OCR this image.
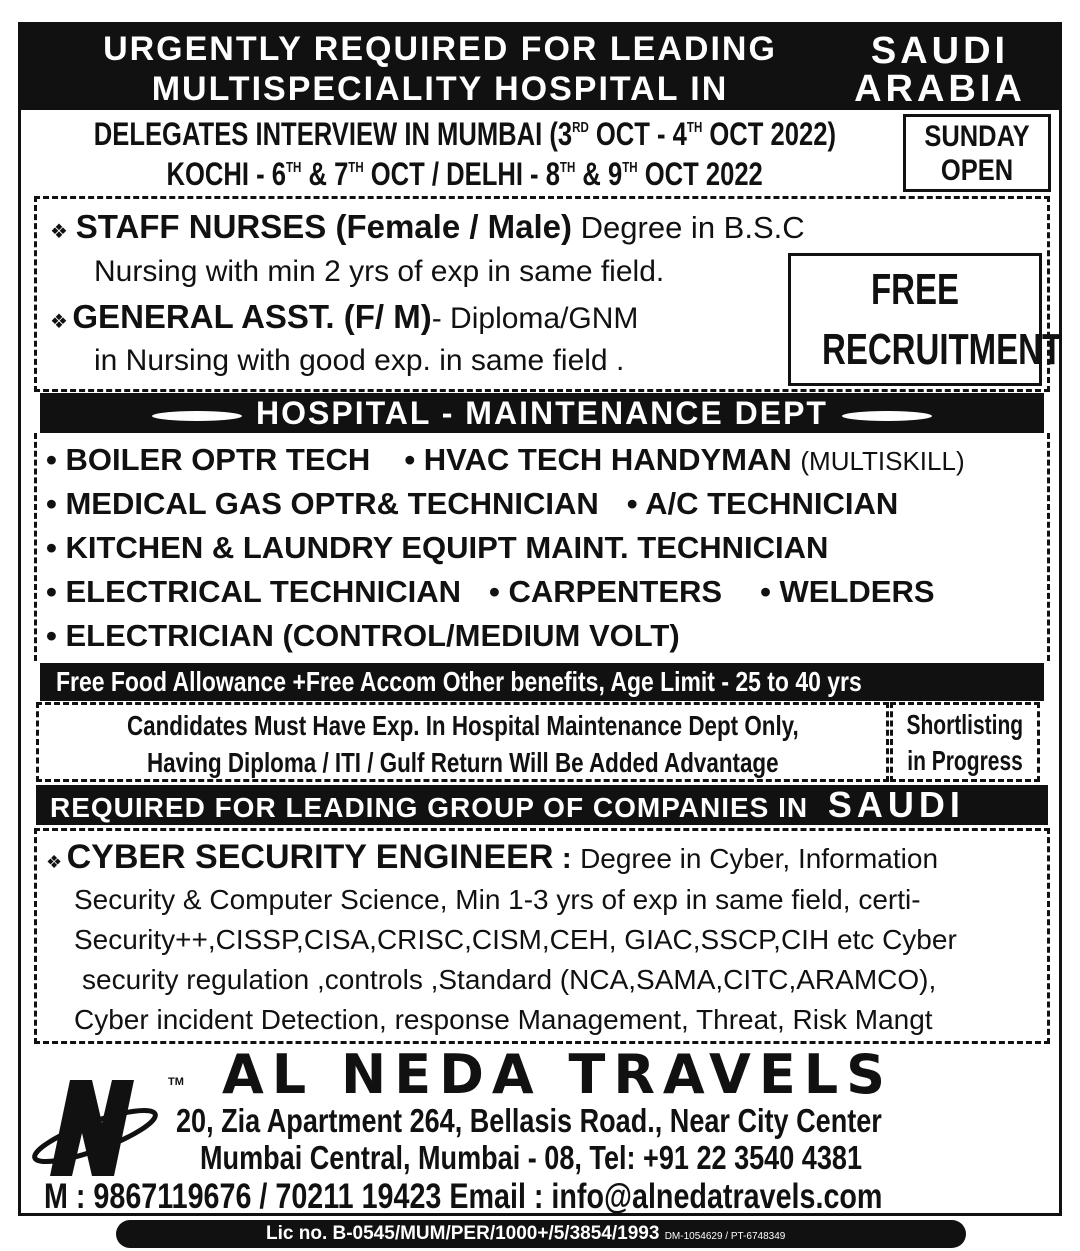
URGENTLY REQUIRED FOR LEADING
MULTISPECIALITY HOSPITAL IN
SAUDI
ARABIA
DELEGATES INTERVIEW IN MUMBAI (3RD OCT - 4TH OCT 2022)
KOCHI - 6TH & 7TH OCT / DELHI - 8TH & 9TH OCT 2022
SUNDAY
OPEN
❖ STAFF NURSES (Female / Male) Degree in B.S.C
Nursing with min 2 yrs of exp in same field.
❖ GENERAL ASST. (F/ M)- Diploma/GNM
in Nursing with good exp. in same field .
FREE
RECRUITMENT
HOSPITAL - MAINTENANCE DEPT
• BOILER OPTR TECH • HVAC TECH HANDYMAN (MULTISKILL)
• MEDICAL GAS OPTR& TECHNICIAN • A/C TECHNICIAN
• KITCHEN & LAUNDRY EQUIPT MAINT. TECHNICIAN
• ELECTRICAL TECHNICIAN • CARPENTERS • WELDERS
• ELECTRICIAN (CONTROL/MEDIUM VOLT)
Free Food Allowance +Free Accom Other benefits, Age Limit - 25 to 40 yrs
Candidates Must Have Exp. In Hospital Maintenance Dept Only,
Having Diploma / ITI / Gulf Return Will Be Added Advantage
Shortlisting
in Progress
REQUIRED FOR LEADING GROUP OF COMPANIES IN SAUDI
❖ CYBER SECURITY ENGINEER : Degree in Cyber, Information
Security & Computer Science, Min 1-3 yrs of exp in same field, certi-
Security++,CISSP,CISA,CRISC,CISM,CEH, GIAC,SSCP,CIH etc Cyber
security regulation ,controls ,Standard (NCA,SAMA,CITC,ARAMCO),
Cyber incident Detection, response Management, Threat, Risk Mangt
TM AL NEDA TRAVELS
20, Zia Apartment 264, Bellasis Road., Near City Center
Mumbai Central, Mumbai - 08, Tel: +91 22 3540 4381
M : 9867119676 / 70211 19423 Email : info@alnedatravels.com
Lic no. B-0545/MUM/PER/1000+/5/3854/1993 DM-1054629 / PT-6748349
